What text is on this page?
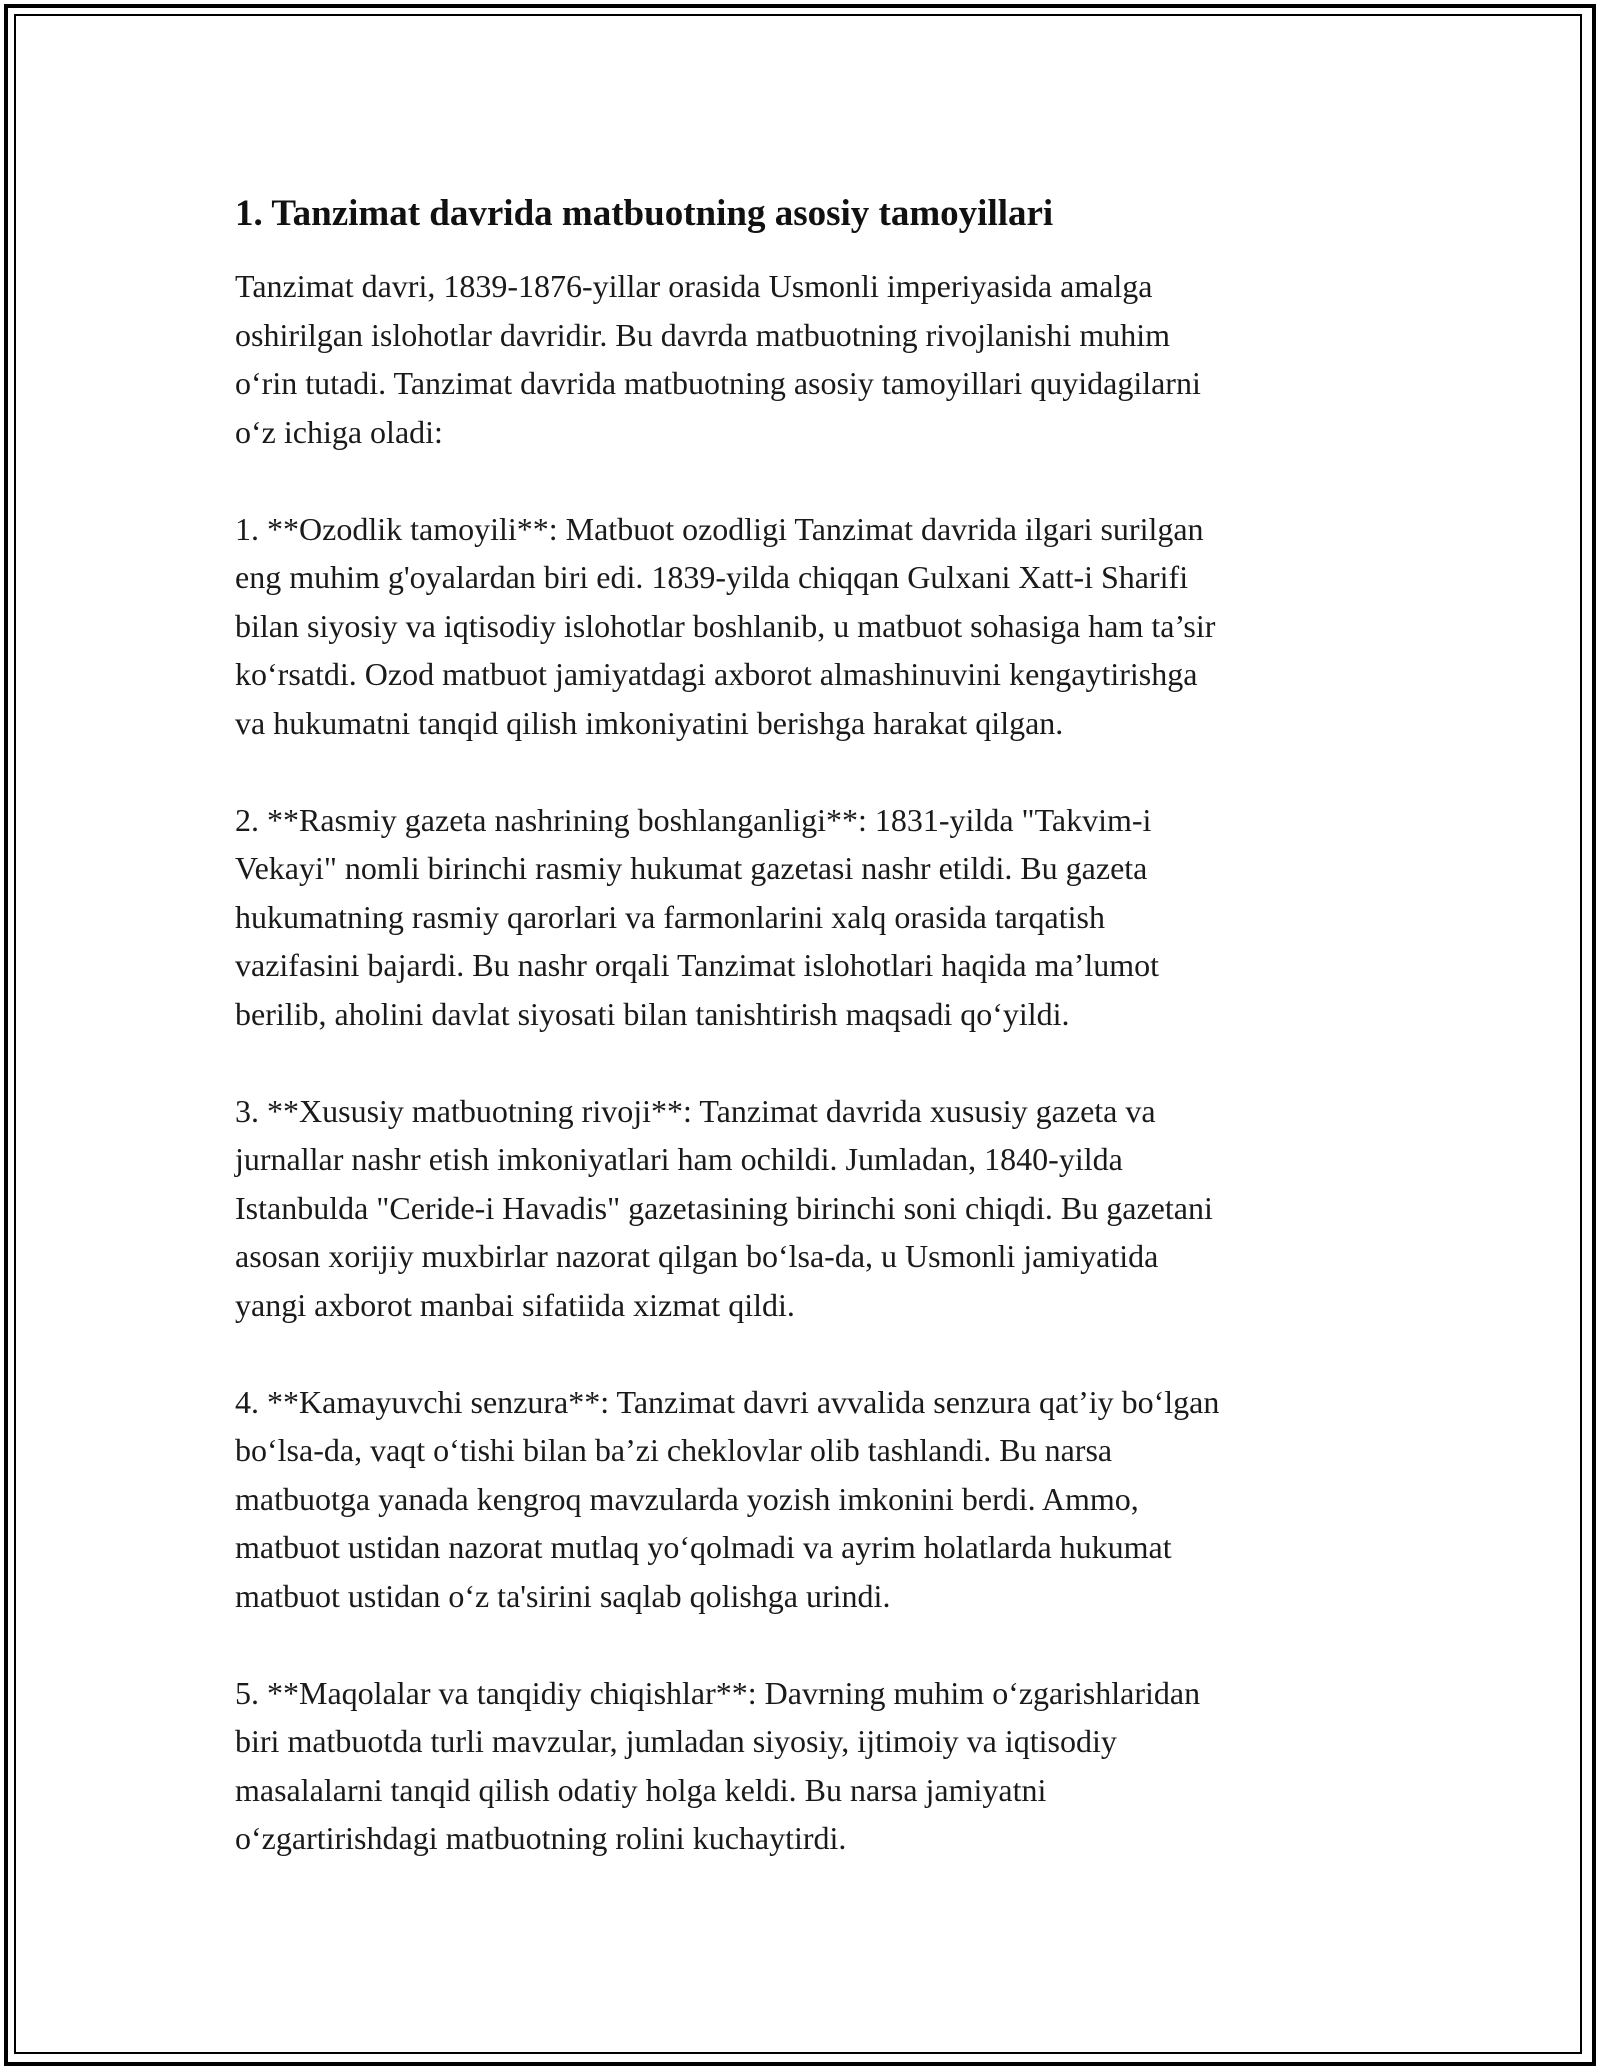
1. Tanzimat davrida matbuotning asosiy tamoyillari

Tanzimat davri, 1839-1876-yillar orasida Usmonli imperiyasida amalga
oshirilgan islohotlar davridir. Bu davrda matbuotning rivojlanishi muhim
o‘rin tutadi. Tanzimat davrida matbuotning asosiy tamoyillari quyidagilarni
o‘z ichiga oladi:

1. **Ozodlik tamoyili**: Matbuot ozodligi Tanzimat davrida ilgari surilgan
eng muhim g'oyalardan biri edi. 1839-yilda chiqqan Gulxani Xatt-i Sharifi
bilan siyosiy va iqtisodiy islohotlar boshlanib, u matbuot sohasiga ham ta’sir
ko‘rsatdi. Ozod matbuot jamiyatdagi axborot almashinuvini kengaytirishga
va hukumatni tanqid qilish imkoniyatini berishga harakat qilgan.

2. **Rasmiy gazeta nashrining boshlanganligi**: 1831-yilda "Takvim-i
Vekayi" nomli birinchi rasmiy hukumat gazetasi nashr etildi. Bu gazeta
hukumatning rasmiy qarorlari va farmonlarini xalq orasida tarqatish
vazifasini bajardi. Bu nashr orqali Tanzimat islohotlari haqida ma’lumot
berilib, aholini davlat siyosati bilan tanishtirish maqsadi qo‘yildi.

3. **Xususiy matbuotning rivoji**: Tanzimat davrida xususiy gazeta va
jurnallar nashr etish imkoniyatlari ham ochildi. Jumladan, 1840-yilda
Istanbulda "Ceride-i Havadis" gazetasining birinchi soni chiqdi. Bu gazetani
asosan xorijiy muxbirlar nazorat qilgan bo‘lsa-da, u Usmonli jamiyatida
yangi axborot manbai sifatiida xizmat qildi.

4. **Kamayuvchi senzura**: Tanzimat davri avvalida senzura qat’iy bo‘lgan
bo‘lsa-da, vaqt o‘tishi bilan ba’zi cheklovlar olib tashlandi. Bu narsa
matbuotga yanada kengroq mavzularda yozish imkonini berdi. Ammo,
matbuot ustidan nazorat mutlaq yo‘qolmadi va ayrim holatlarda hukumat
matbuot ustidan o‘z ta'sirini saqlab qolishga urindi.

5. **Maqolalar va tanqidiy chiqishlar**: Davrning muhim o‘zgarishlaridan
biri matbuotda turli mavzular, jumladan siyosiy, ijtimoiy va iqtisodiy
masalalarni tanqid qilish odatiy holga keldi. Bu narsa jamiyatni
o‘zgartirishdagi matbuotning rolini kuchaytirdi.
